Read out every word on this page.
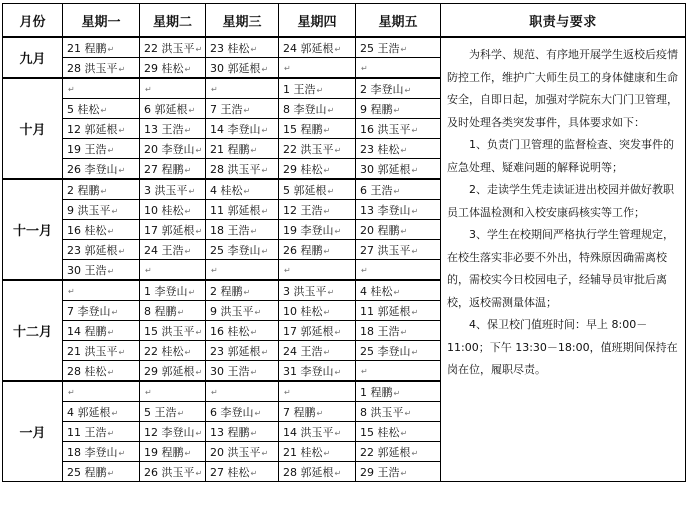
月份	星期一	星期二	星期三	星期四	星期五	职责与要求
九月	21 程鹏↵	22 洪玉平↵	23 桂松↵	24 郭延根↵	25 王浩↵	为科学、规范、有序地开展学生返校后疫情防控工作，维护广大师生员工的身体健康和生命安全，自即日起，加强对学院东大门门卫管理，及时处理各类突发事件，具体要求如下：

1、负责门卫管理的监督检查、突发事件的应急处理、疑难问题的解释说明等；

2、走读学生凭走读证进出校园并做好教职员工体温检测和入校安康码核实等工作；

3、学生在校期间严格执行学生管理规定，在校生落实非必要不外出，特殊原因确需离校的，需校实今日校园电子，经辅导员审批后离校，返校需测量体温；

4、保卫校门值班时间：早上 8:00－11:00；下午 13:30－18:00，值班期间保持在岗在位，履职尽责。

	28 洪玉平↵	29 桂松↵	30 郭延根↵	↵	↵	
十月	↵	↵	↵	1 王浩↵	2 李登山↵	
	5 桂松↵	6 郭延根↵	7 王浩↵	8 李登山↵	9 程鹏↵	
	12 郭延根↵	13 王浩↵	14 李登山↵	15 程鹏↵	16 洪玉平↵	
	19 王浩↵	20 李登山↵	21 程鹏↵	22 洪玉平↵	23 桂松↵	
	26 李登山↵	27 程鹏↵	28 洪玉平↵	29 桂松↵	30 郭延根↵	
十一月	2 程鹏↵	3 洪玉平↵	4 桂松↵	5 郭延根↵	6 王浩↵	
	9 洪玉平↵	10 桂松↵	11 郭延根↵	12 王浩↵	13 李登山↵	
	16 桂松↵	17 郭延根↵	18 王浩↵	19 李登山↵	20 程鹏↵	
	23 郭延根↵	24 王浩↵	25 李登山↵	26 程鹏↵	27 洪玉平↵	
	30 王浩↵	↵	↵	↵	↵	
十二月	↵	1 李登山↵	2 程鹏↵	3 洪玉平↵	4 桂松↵	
	7 李登山↵	8 程鹏↵	9 洪玉平↵	10 桂松↵	11 郭延根↵	
	14 程鹏↵	15 洪玉平↵	16 桂松↵	17 郭延根↵	18 王浩↵	
	21 洪玉平↵	22 桂松↵	23 郭延根↵	24 王浩↵	25 李登山↵	
	28 桂松↵	29 郭延根↵	30 王浩↵	31 李登山↵	↵	
一月	↵	↵	↵	↵	1 程鹏↵	
	4 郭延根↵	5 王浩↵	6 李登山↵	7 程鹏↵	8 洪玉平↵	
	11 王浩↵	12 李登山↵	13 程鹏↵	14 洪玉平↵	15 桂松↵	
	18 李登山↵	19 程鹏↵	20 洪玉平↵	21 桂松↵	22 郭延根↵	
	25 程鹏↵	26 洪玉平↵	27 桂松↵	28 郭延根↵	29 王浩↵	
